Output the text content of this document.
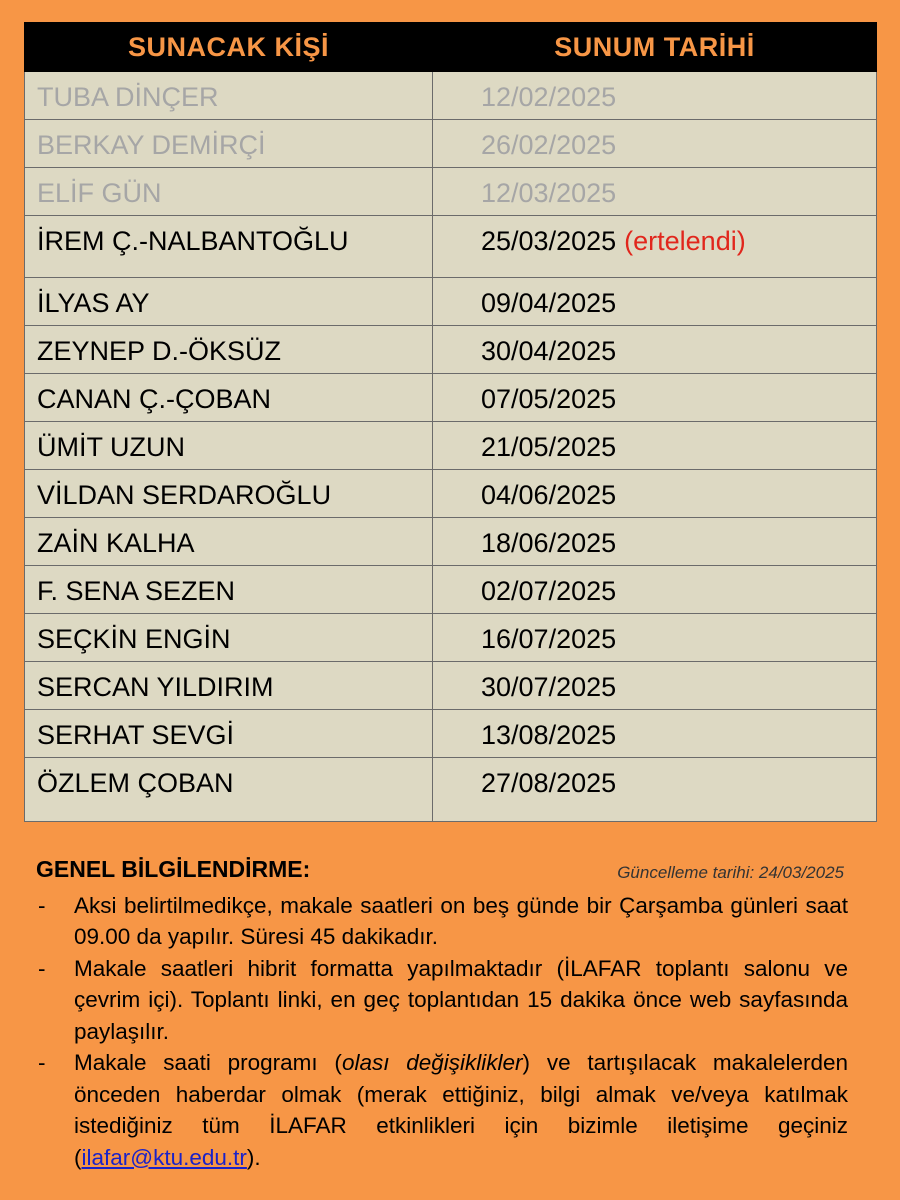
SUNACAK KİŞİ	SUNUM TARİHİ

TUBA DİNÇER	12/02/2025

BERKAY DEMİRÇİ	26/02/2025

ELİF GÜN	12/03/2025

İREM Ç.-NALBANTOĞLU	25/03/2025 (ertelendi)

İLYAS AY	09/04/2025

ZEYNEP D.-ÖKSÜZ	30/04/2025

CANAN Ç.-ÇOBAN	07/05/2025

ÜMİT UZUN	21/05/2025

VİLDAN SERDAROĞLU	04/06/2025

ZAİN KALHA	18/06/2025

F. SENA SEZEN	02/07/2025

SEÇKİN ENGİN	16/07/2025

SERCAN YILDIRIM	30/07/2025

SERHAT SEVGİ	13/08/2025

ÖZLEM ÇOBAN	27/08/2025
GENEL BİLGİLENDİRME:	Güncelleme tarihi: 24/03/2025
- Aksi belirtilmedikçe, makale saatleri on beş günde bir Çarşamba günleri saat 09.00 da yapılır. Süresi 45 dakikadır.
- Makale saatleri hibrit formatta yapılmaktadır (İLAFAR toplantı salonu ve çevrim içi). Toplantı linki, en geç toplantıdan 15 dakika önce web sayfasında paylaşılır.
- Makale saati programı (olası değişiklikler) ve tartışılacak makalelerden önceden haberdar olmak (merak ettiğiniz, bilgi almak ve/veya katılmak istediğiniz tüm İLAFAR etkinlikleri için bizimle iletişime geçiniz (ilafar@ktu.edu.tr).
